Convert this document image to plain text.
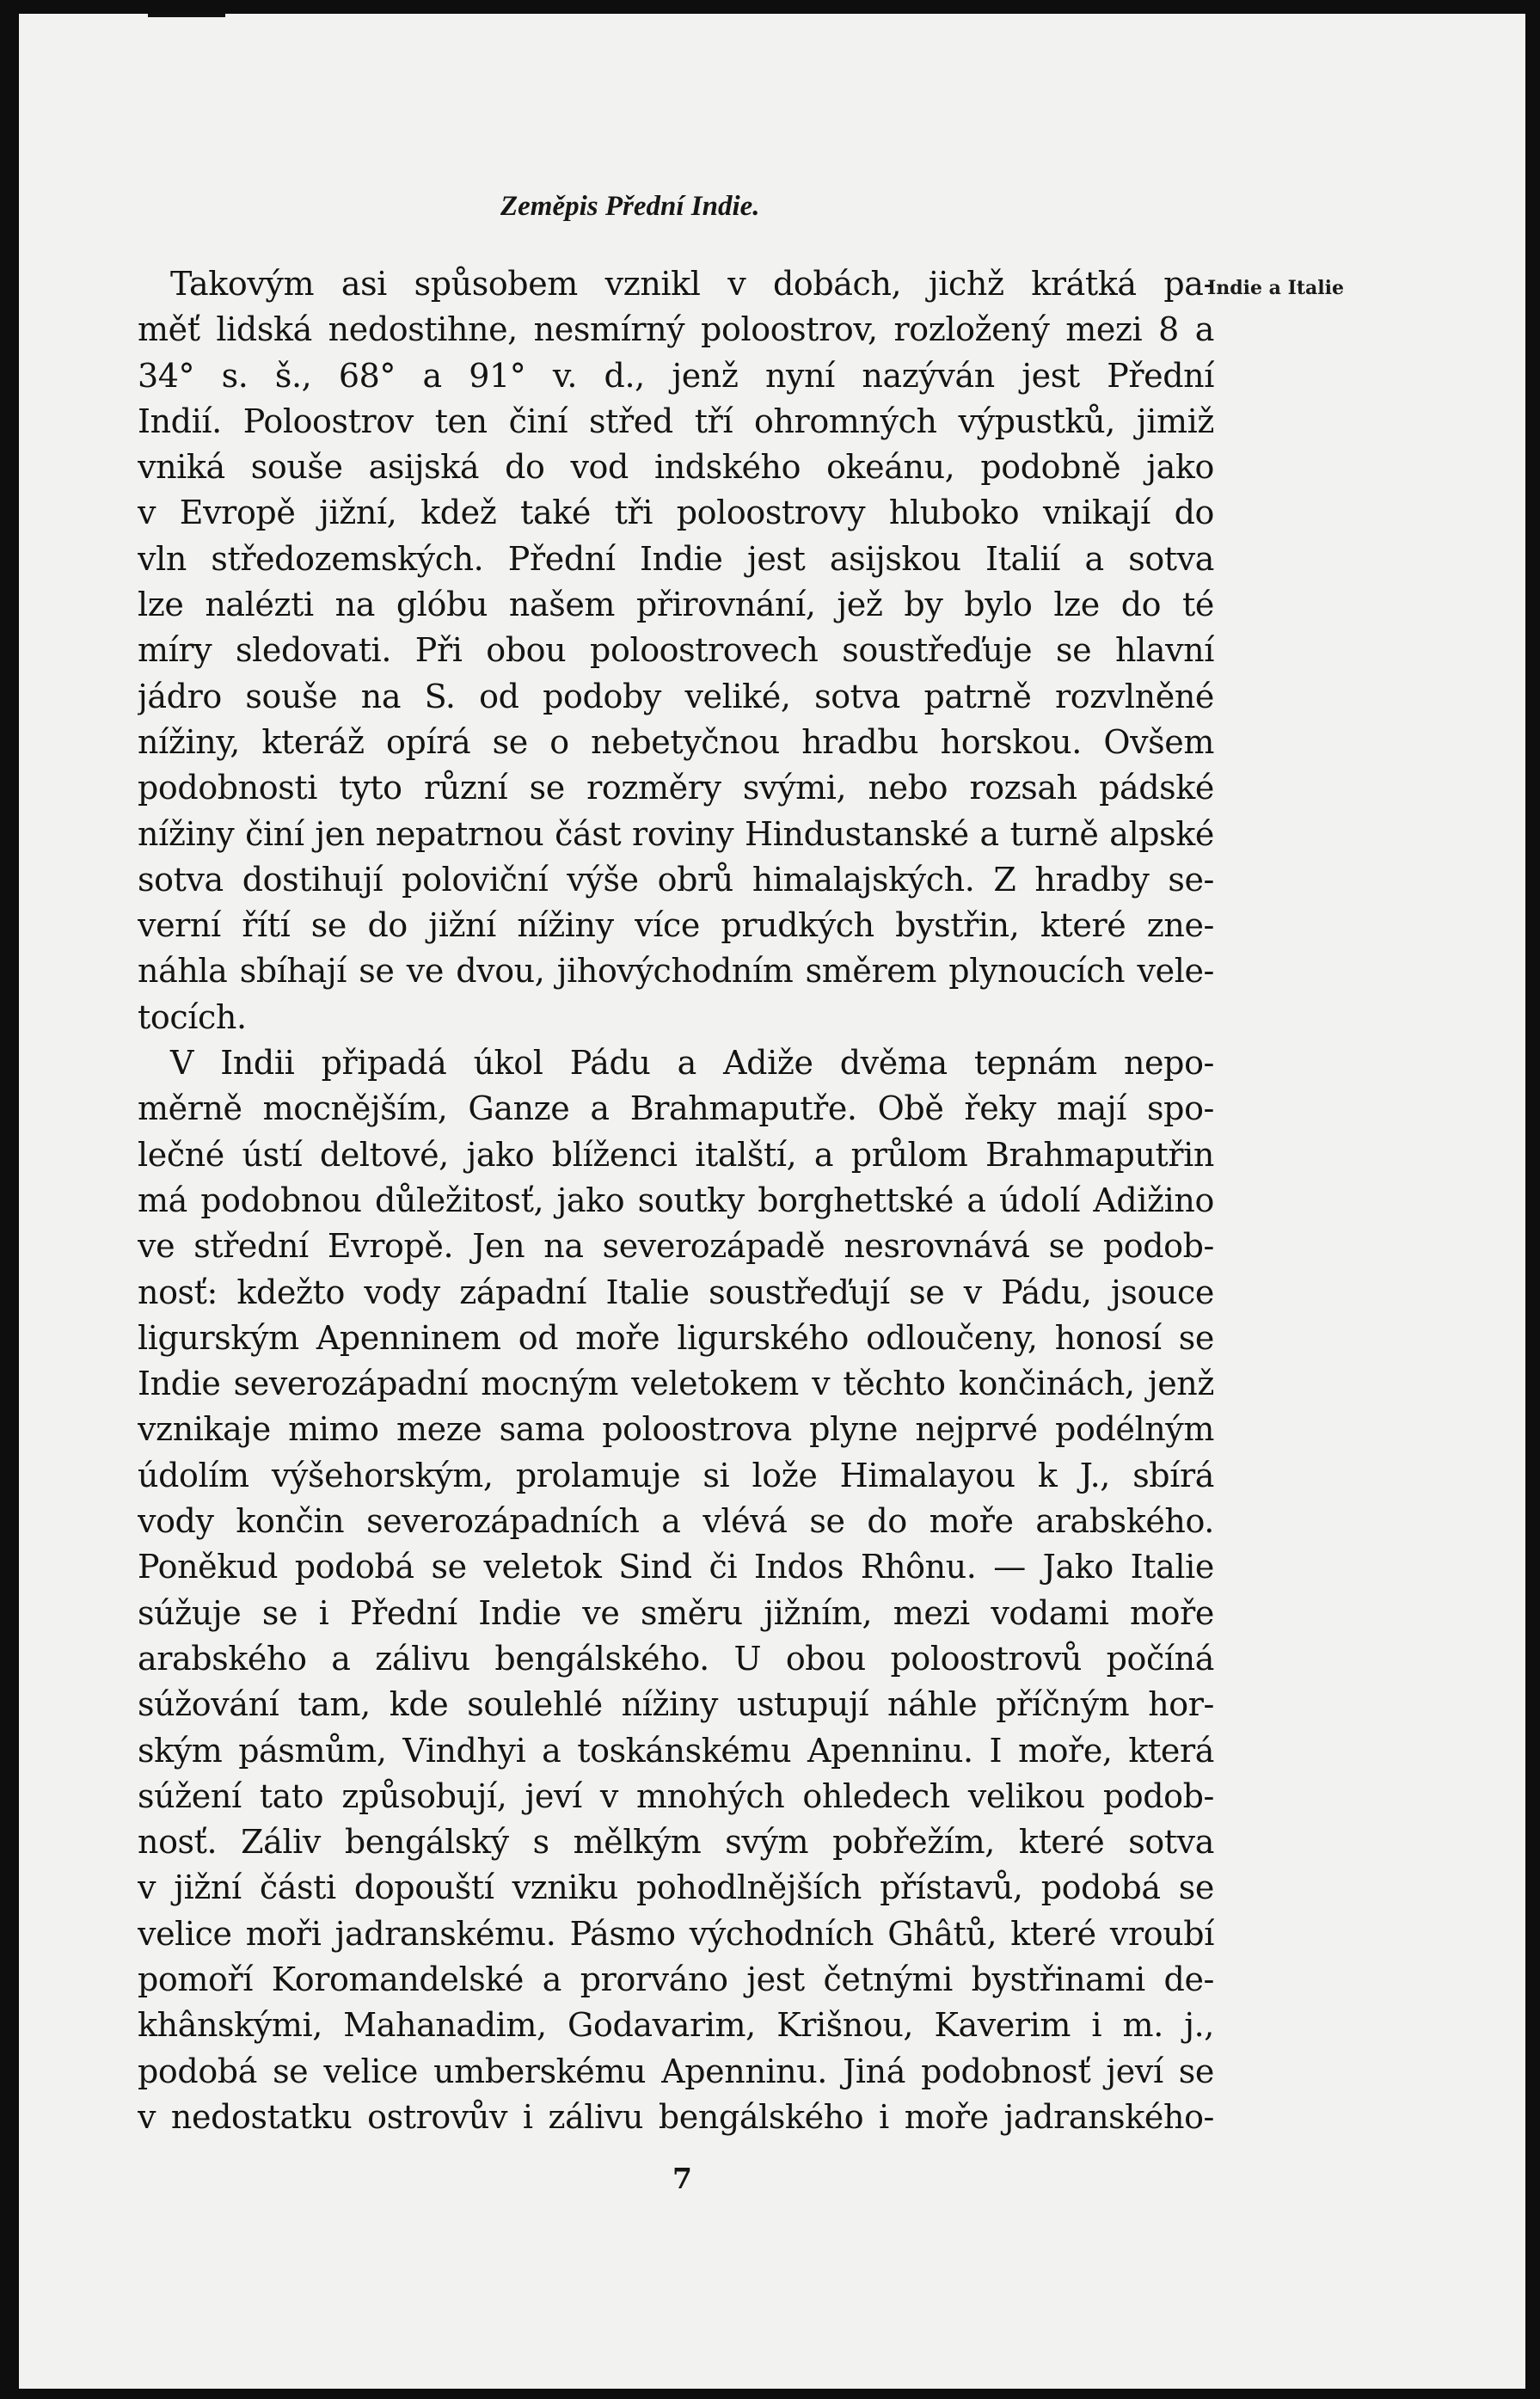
Zeměpis Přední Indie.
Indie a Italie
Takovým asi spůsobem vznikl v dobách, jichž krátká pa-
měť lidská nedostihne, nesmírný poloostrov, rozložený mezi 8 a
34° s. š., 68° a 91° v. d., jenž nyní nazýván jest Přední
Indií. Poloostrov ten činí střed tří ohromných výpustků, jimiž
vniká souše asijská do vod indského okeánu, podobně jako
v Evropě jižní, kdež také tři poloostrovy hluboko vnikají do
vln středozemských. Přední Indie jest asijskou Italií a sotva
lze nalézti na glóbu našem přirovnání, jež by bylo lze do té
míry sledovati. Při obou poloostrovech soustřeďuje se hlavní
jádro souše na S. od podoby veliké, sotva patrně rozvlněné
nížiny, kteráž opírá se o nebetyčnou hradbu horskou. Ovšem
podobnosti tyto různí se rozměry svými, nebo rozsah pádské
nížiny činí jen nepatrnou část roviny Hindustanské a turně alpské
sotva dostihují poloviční výše obrů himalajských. Z hradby se-
verní řítí se do jižní nížiny více prudkých bystřin, které zne-
náhla sbíhají se ve dvou, jihovýchodním směrem plynoucích vele-
tocích.
V Indii připadá úkol Pádu a Adiže dvěma tepnám nepo-
měrně mocnějším, Ganze a Brahmaputře. Obě řeky mají spo-
lečné ústí deltové, jako blíženci italští, a průlom Brahmaputřin
má podobnou důležitosť, jako soutky borghettské a údolí Adižino
ve střední Evropě. Jen na severozápadě nesrovnává se podob-
nosť: kdežto vody západní Italie soustřeďují se v Pádu, jsouce
ligurským Apenninem od moře ligurského odloučeny, honosí se
Indie severozápadní mocným veletokem v těchto končinách, jenž
vznikaje mimo meze sama poloostrova plyne nejprvé podélným
údolím výšehorským, prolamuje si lože Himalayou k J., sbírá
vody končin severozápadních a vlévá se do moře arabského.
Poněkud podobá se veletok Sind či Indos Rhônu. — Jako Italie
súžuje se i Přední Indie ve směru jižním, mezi vodami moře
arabského a zálivu bengálského. U obou poloostrovů počíná
súžování tam, kde soulehlé nížiny ustupují náhle příčným hor-
ským pásmům, Vindhyi a toskánskému Apenninu. I moře, která
súžení tato způsobují, jeví v mnohých ohledech velikou podob-
nosť. Záliv bengálský s mělkým svým pobřežím, které sotva
v jižní části dopouští vzniku pohodlnějších přístavů, podobá se
velice moři jadranskému. Pásmo východních Ghâtů, které vroubí
pomoří Koromandelské a prorváno jest četnými bystřinami de-
khânskými, Mahanadim, Godavarim, Krišnou, Kaverim i m. j.,
podobá se velice umberskému Apenninu. Jiná podobnosť jeví se
v nedostatku ostrovův i zálivu bengálského i moře jadranského-
7
